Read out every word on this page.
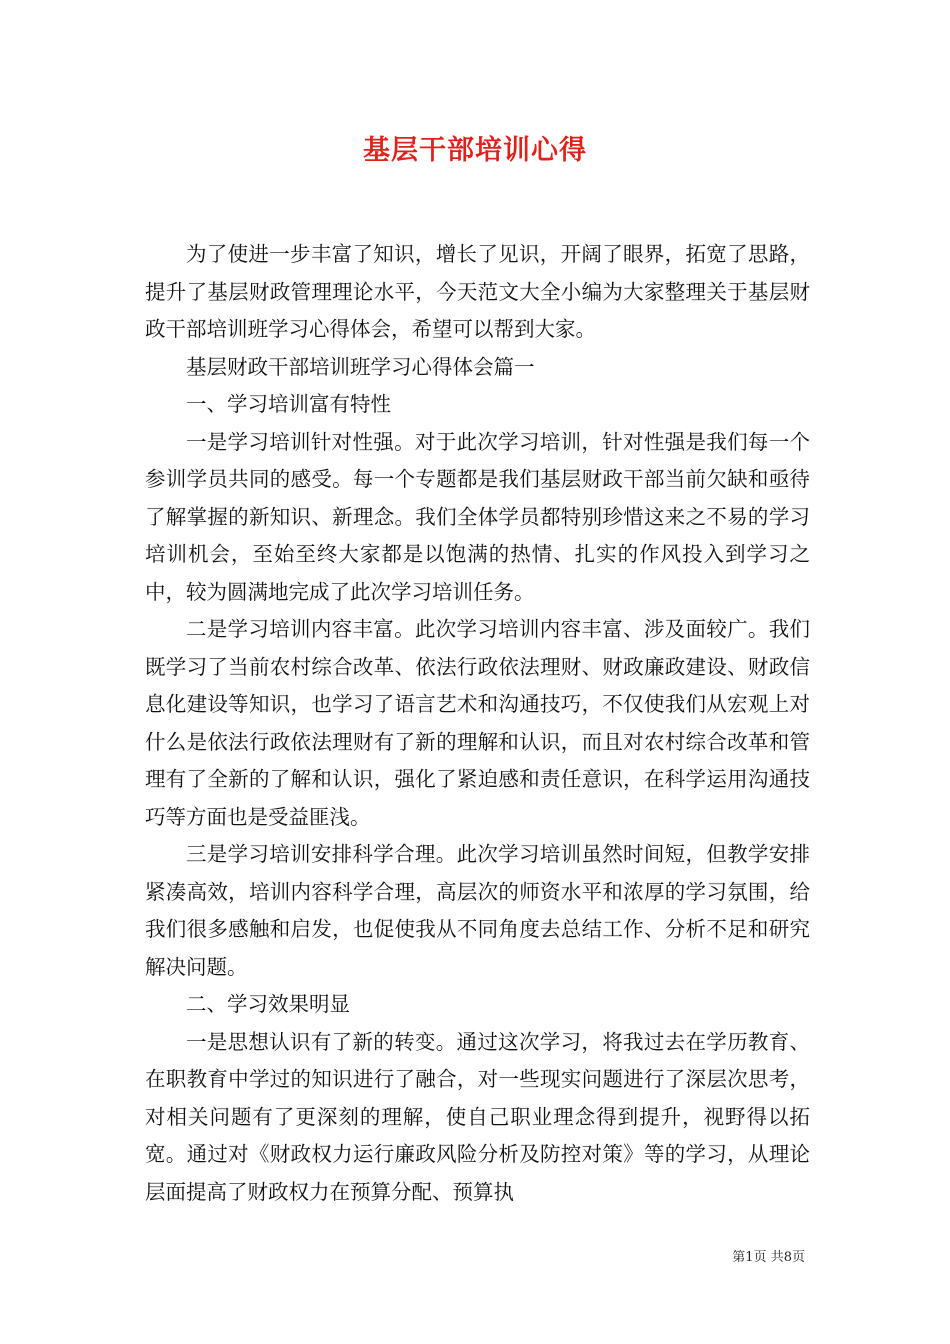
基层干部培训心得

为了使进一步丰富了知识，增长了见识，开阔了眼界，拓宽了思路，提升了基层财政管理理论水平，今天范文大全小编为大家整理关于基层财政干部培训班学习心得体会，希望可以帮到大家。

基层财政干部培训班学习心得体会篇一

一、学习培训富有特性

一是学习培训针对性强。对于此次学习培训，针对性强是我们每一个参训学员共同的感受。每一个专题都是我们基层财政干部当前欠缺和亟待了解掌握的新知识、新理念。我们全体学员都特别珍惜这来之不易的学习培训机会，至始至终大家都是以饱满的热情、扎实的作风投入到学习之中，较为圆满地完成了此次学习培训任务。

二是学习培训内容丰富。此次学习培训内容丰富、涉及面较广。我们既学习了当前农村综合改革、依法行政依法理财、财政廉政建设、财政信息化建设等知识，也学习了语言艺术和沟通技巧，不仅使我们从宏观上对什么是依法行政依法理财有了新的理解和认识，而且对农村综合改革和管理有了全新的了解和认识，强化了紧迫感和责任意识，在科学运用沟通技巧等方面也是受益匪浅。

三是学习培训安排科学合理。此次学习培训虽然时间短，但教学安排紧凑高效，培训内容科学合理，高层次的师资水平和浓厚的学习氛围，给我们很多感触和启发，也促使我从不同角度去总结工作、分析不足和研究解决问题。

二、学习效果明显

一是思想认识有了新的转变。通过这次学习，将我过去在学历教育、在职教育中学过的知识进行了融合，对一些现实问题进行了深层次思考，对相关问题有了更深刻的理解，使自己职业理念得到提升，视野得以拓宽。通过对《财政权力运行廉政风险分析及防控对策》等的学习，从理论层面提高了财政权力在预算分配、预算执

第1页 共8页
